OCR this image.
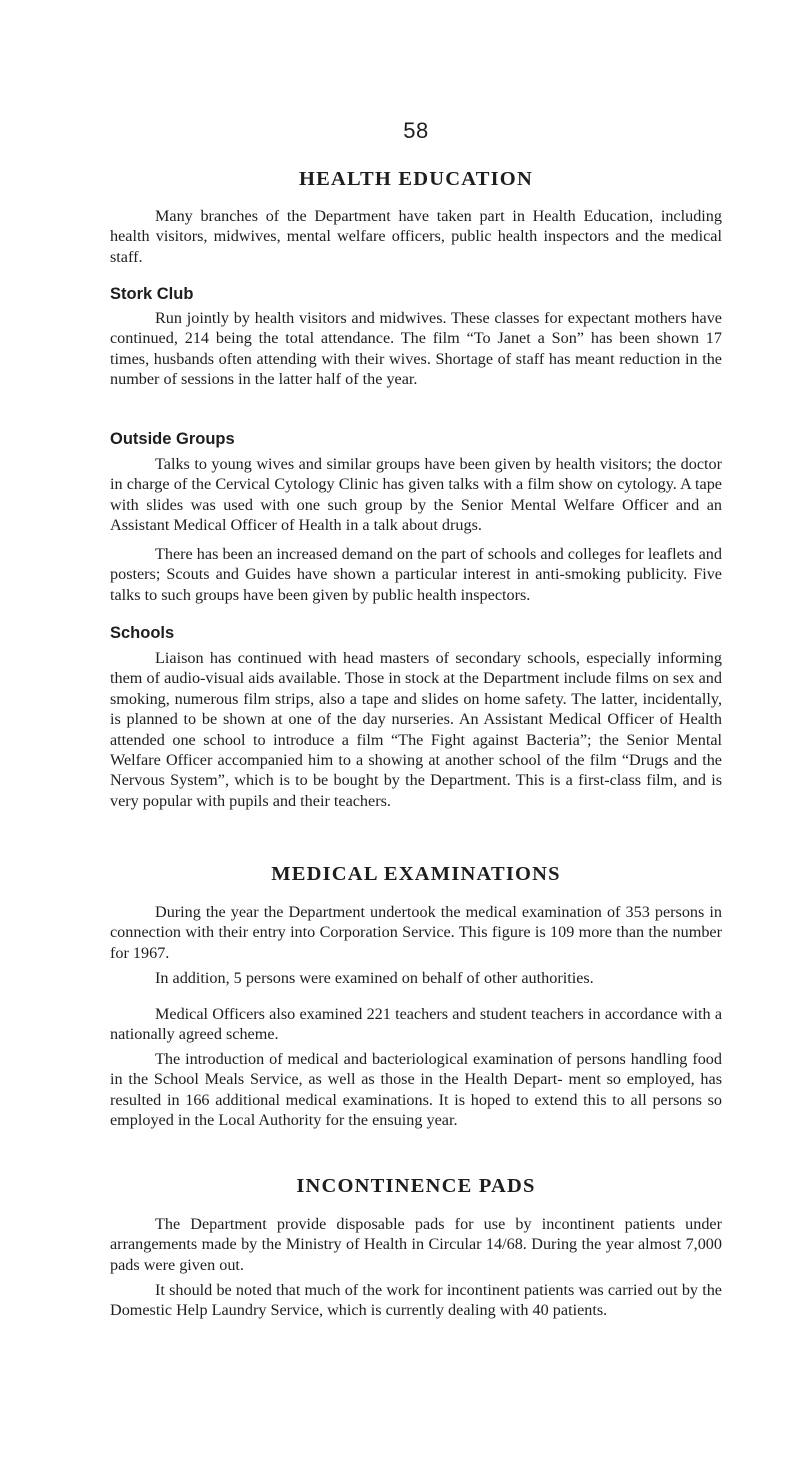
58
HEALTH EDUCATION

Many branches of the Department have taken part in Health Education, including health visitors, midwives, mental welfare officers, public health inspectors and the medical staff.

Stork Club

Run jointly by health visitors and midwives. These classes for expectant mothers have continued, 214 being the total attendance. The film “To Janet a Son” has been shown 17 times, husbands often attending with their wives. Shortage of staff has meant reduction in the number of sessions in the latter half of the year.

Outside Groups

Talks to young wives and similar groups have been given by health visitors; the doctor in charge of the Cervical Cytology Clinic has given talks with a film show on cytology. A tape with slides was used with one such group by the Senior Mental Welfare Officer and an Assistant Medical Officer of Health in a talk about drugs.

There has been an increased demand on the part of schools and colleges for leaflets and posters; Scouts and Guides have shown a particular interest in anti-smoking publicity. Five talks to such groups have been given by public health inspectors.

Schools

Liaison has continued with head masters of secondary schools, especially informing them of audio-visual aids available. Those in stock at the Department include films on sex and smoking, numerous film strips, also a tape and slides on home safety. The latter, incidentally, is planned to be shown at one of the day nurseries. An Assistant Medical Officer of Health attended one school to introduce a film “The Fight against Bacteria”; the Senior Mental Welfare Officer accompanied him to a showing at another school of the film “Drugs and the Nervous System”, which is to be bought by the Department. This is a first-class film, and is very popular with pupils and their teachers.

MEDICAL EXAMINATIONS

During the year the Department undertook the medical examination of 353 persons in connection with their entry into Corporation Service. This figure is 109 more than the number for 1967.

In addition, 5 persons were examined on behalf of other authorities.

Medical Officers also examined 221 teachers and student teachers in accordance with a nationally agreed scheme.

The introduction of medical and bacteriological examination of persons handling food in the School Meals Service, as well as those in the Health Depart- ment so employed, has resulted in 166 additional medical examinations. It is hoped to extend this to all persons so employed in the Local Authority for the ensuing year.

INCONTINENCE PADS

The Department provide disposable pads for use by incontinent patients under arrangements made by the Ministry of Health in Circular 14/68. During the year almost 7,000 pads were given out.

It should be noted that much of the work for incontinent patients was carried out by the Domestic Help Laundry Service, which is currently dealing with 40 patients.
